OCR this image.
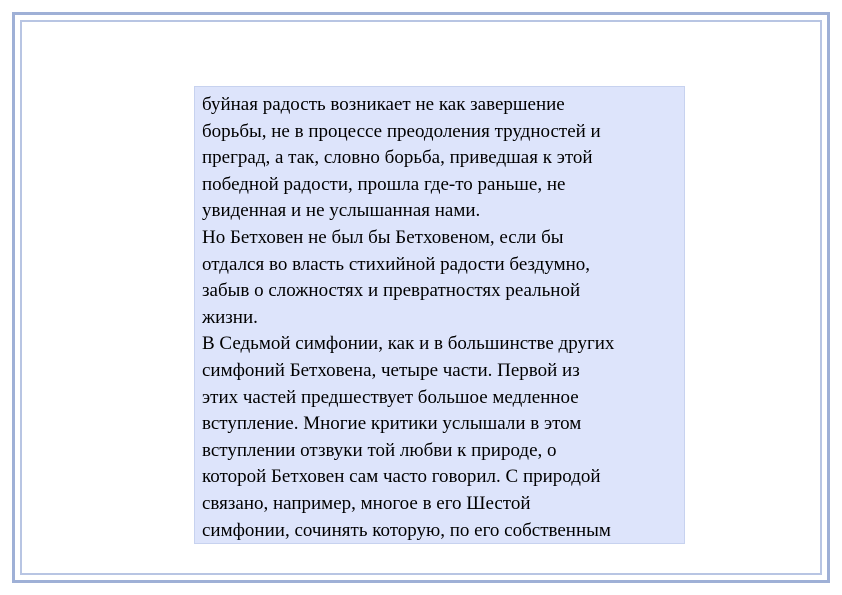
буйная радость возникает не как завершение
борьбы, не в процессе преодоления трудностей и
преград, а так, словно борьба, приведшая к этой
победной радости, прошла где-то раньше, не
увиденная и не услышанная нами.
Но Бетховен не был бы Бетховеном, если бы
отдался во власть стихийной радости бездумно,
забыв о сложностях и превратностях реальной
жизни.
В Седьмой симфонии, как и в большинстве других
симфоний Бетховена, четыре части. Первой из
этих частей предшествует большое медленное
вступление. Многие критики услышали в этом
вступлении отзвуки той любви к природе, о
которой Бетховен сам часто говорил. С природой
связано, например, многое в его Шестой
симфонии, сочинять которую, по его собственным
